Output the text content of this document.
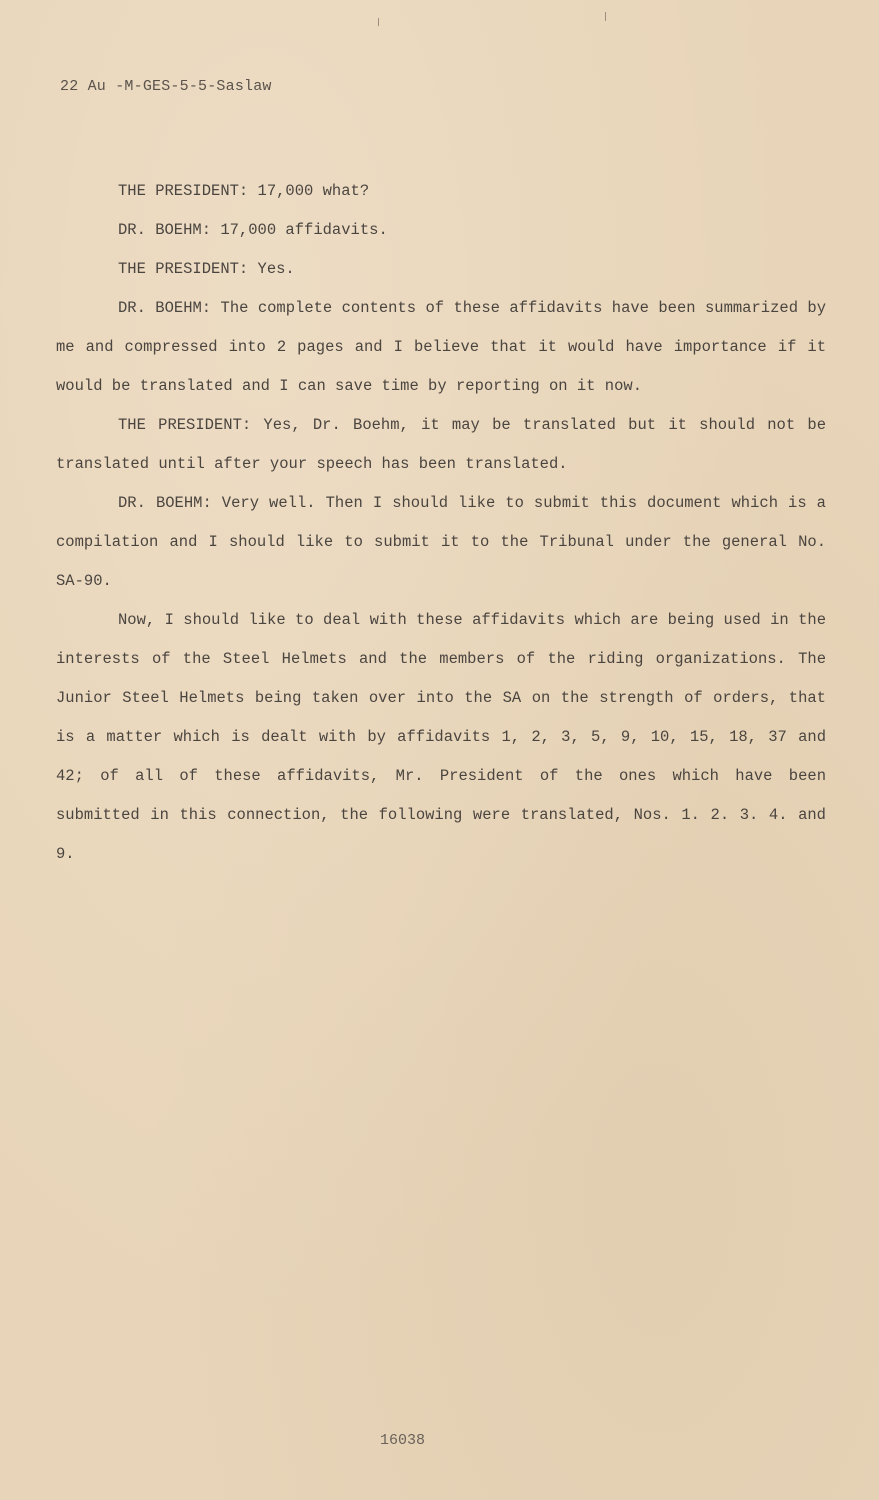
22 Au -M-GES-5-5-Saslaw

THE PRESIDENT: 17,000 what?

DR. BOEHM: 17,000 affidavits.

THE PRESIDENT: Yes.

DR. BOEHM: The complete contents of these affidavits have been summarized by me and compressed into 2 pages and I believe that it would have importance if it would be translated and I can save time by reporting on it now.

THE PRESIDENT: Yes, Dr. Boehm, it may be translated but it should not be translated until after your speech has been translated.

DR. BOEHM: Very well. Then I should like to submit this document which is a compilation and I should like to submit it to the Tribunal under the general No. SA-90.

Now, I should like to deal with these affidavits which are being used in the interests of the Steel Helmets and the members of the riding organizations. The Junior Steel Helmets being taken over into the SA on the strength of orders, that is a matter which is dealt with by affidavits 1, 2, 3, 5, 9, 10, 15, 18, 37 and 42; of all of these affidavits, Mr. President of the ones which have been submitted in this connection, the following were translated, Nos. 1. 2. 3. 4. and 9.

16038
